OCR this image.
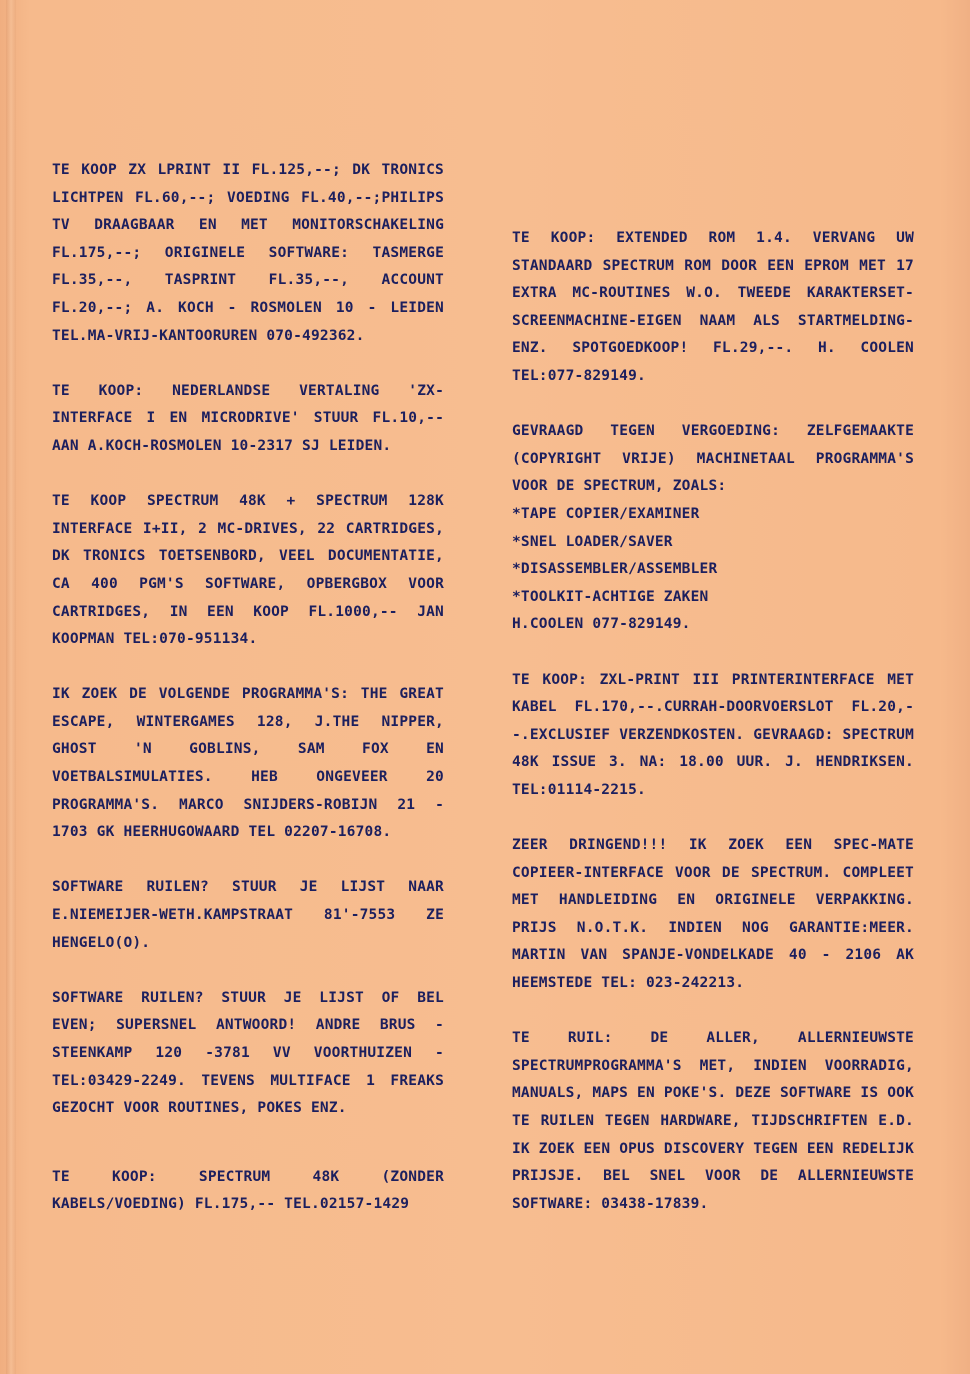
TE KOOP ZX LPRINT II FL.125,--; DK TRONICS LICHTPEN FL.60,--; VOEDING FL.40,--;PHILIPS TV DRAAGBAAR EN MET MONITORSCHAKELING FL.175,--; ORIGINELE SOFTWARE: TASMERGE FL.35,--, TASPRINT FL.35,--, ACCOUNT FL.20,--; A. KOCH - ROSMOLEN 10 - LEIDEN TEL.MA-VRIJ-KANTOORUREN 070-492362.

TE KOOP: NEDERLANDSE VERTALING 'ZX-INTERFACE I EN MICRODRIVE' STUUR FL.10,-- AAN A.KOCH-ROSMOLEN 10-2317 SJ LEIDEN.

TE KOOP SPECTRUM 48K + SPECTRUM 128K INTERFACE I+II, 2 MC-DRIVES, 22 CARTRIDGES, DK TRONICS TOETSENBORD, VEEL DOCUMENTATIE, CA 400 PGM'S SOFTWARE, OPBERGBOX VOOR CARTRIDGES, IN EEN KOOP FL.1000,-- JAN KOOPMAN TEL:070-951134.

IK ZOEK DE VOLGENDE PROGRAMMA'S: THE GREAT ESCAPE, WINTERGAMES 128, J.THE NIPPER, GHOST 'N GOBLINS, SAM FOX EN VOETBALSIMULATIES. HEB ONGEVEER 20 PROGRAMMA'S. MARCO SNIJDERS-ROBIJN 21 - 1703 GK HEERHUGOWAARD TEL 02207-16708.

SOFTWARE RUILEN? STUUR JE LIJST NAAR E.NIEMEIJER-WETH.KAMPSTRAAT 81'-7553 ZE HENGELO(O).

SOFTWARE RUILEN? STUUR JE LIJST OF BEL EVEN; SUPERSNEL ANTWOORD! ANDRE BRUS - STEENKAMP 120 -3781 VV VOORTHUIZEN - TEL:03429-2249. TEVENS MULTIFACE 1 FREAKS GEZOCHT VOOR ROUTINES, POKES ENZ.

TE KOOP: SPECTRUM 48K (ZONDER KABELS/VOEDING) FL.175,-- TEL.02157-1429

TE KOOP: EXTENDED ROM 1.4. VERVANG UW STANDAARD SPECTRUM ROM DOOR EEN EPROM MET 17 EXTRA MC-ROUTINES W.O. TWEEDE KARAKTERSET-SCREENMACHINE-EIGEN NAAM ALS STARTMELDING-ENZ. SPOTGOEDKOOP! FL.29,--. H. COOLEN TEL:077-829149.

GEVRAAGD TEGEN VERGOEDING: ZELFGEMAAKTE (COPYRIGHT VRIJE) MACHINETAAL PROGRAMMA'S VOOR DE SPECTRUM, ZOALS:
*TAPE COPIER/EXAMINER
*SNEL LOADER/SAVER
*DISASSEMBLER/ASSEMBLER
*TOOLKIT-ACHTIGE ZAKEN
H.COOLEN 077-829149.

TE KOOP: ZXL-PRINT III PRINTERINTERFACE MET KABEL FL.170,--.CURRAH-DOORVOERSLOT FL.20,--.EXCLUSIEF VERZENDKOSTEN. GEVRAAGD: SPECTRUM 48K ISSUE 3. NA: 18.00 UUR. J. HENDRIKSEN. TEL:01114-2215.

ZEER DRINGEND!!! IK ZOEK EEN SPEC-MATE COPIEER-INTERFACE VOOR DE SPECTRUM. COMPLEET MET HANDLEIDING EN ORIGINELE VERPAKKING. PRIJS N.O.T.K. INDIEN NOG GARANTIE:MEER. MARTIN VAN SPANJE-VONDELKADE 40 - 2106 AK HEEMSTEDE TEL: 023-242213.

TE RUIL: DE ALLER, ALLERNIEUWSTE SPECTRUMPROGRAMMA'S MET, INDIEN VOORRADIG, MANUALS, MAPS EN POKE'S. DEZE SOFTWARE IS OOK TE RUILEN TEGEN HARDWARE, TIJDSCHRIFTEN E.D. IK ZOEK EEN OPUS DISCOVERY TEGEN EEN REDELIJK PRIJSJE. BEL SNEL VOOR DE ALLERNIEUWSTE SOFTWARE: 03438-17839.
